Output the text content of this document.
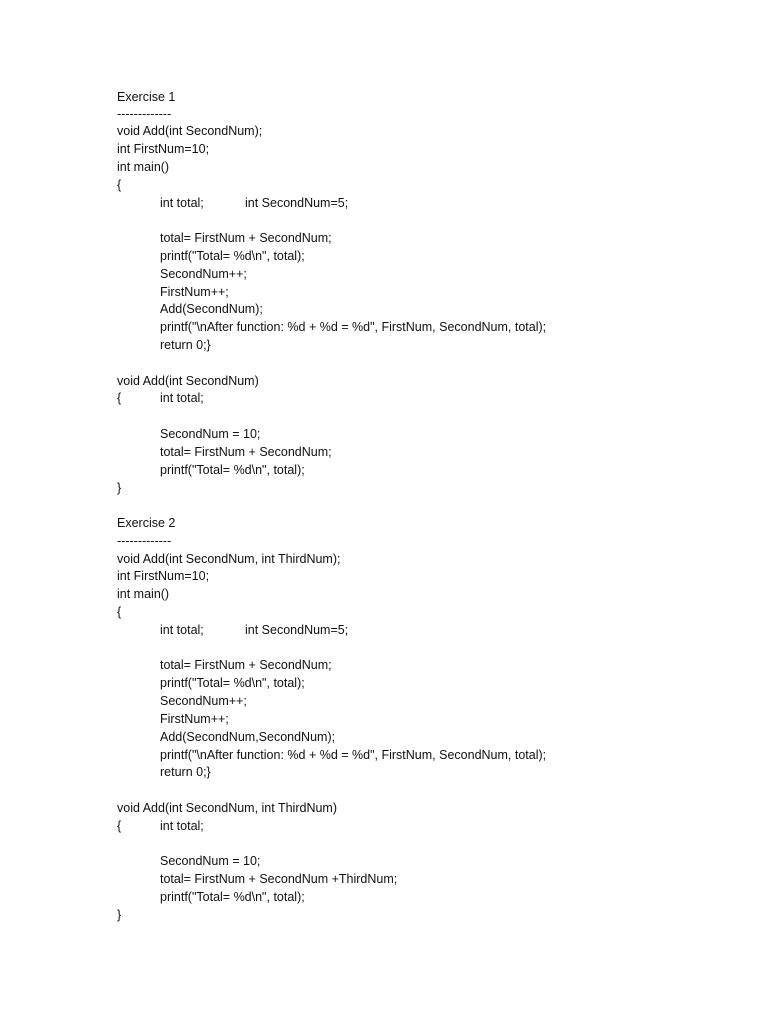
Exercise 1
-------------
void Add(int SecondNum);
int FirstNum=10;
int main()
{
int total;	int SecondNum=5;
total= FirstNum + SecondNum;
printf("Total= %d\n", total);
SecondNum++;
FirstNum++;
Add(SecondNum);
printf("\nAfter function: %d + %d = %d", FirstNum, SecondNum, total);
return 0;}
void Add(int SecondNum)
{	int total;
SecondNum = 10;
total= FirstNum + SecondNum;
printf("Total= %d\n", total);
}
Exercise 2
-------------
void Add(int SecondNum, int ThirdNum);
int FirstNum=10;
int main()
{
int total;	int SecondNum=5;
total= FirstNum + SecondNum;
printf("Total= %d\n", total);
SecondNum++;
FirstNum++;
Add(SecondNum,SecondNum);
printf("\nAfter function: %d + %d = %d", FirstNum, SecondNum, total);
return 0;}
void Add(int SecondNum, int ThirdNum)
{	int total;
SecondNum = 10;
total= FirstNum + SecondNum +ThirdNum;
printf("Total= %d\n", total);
}
